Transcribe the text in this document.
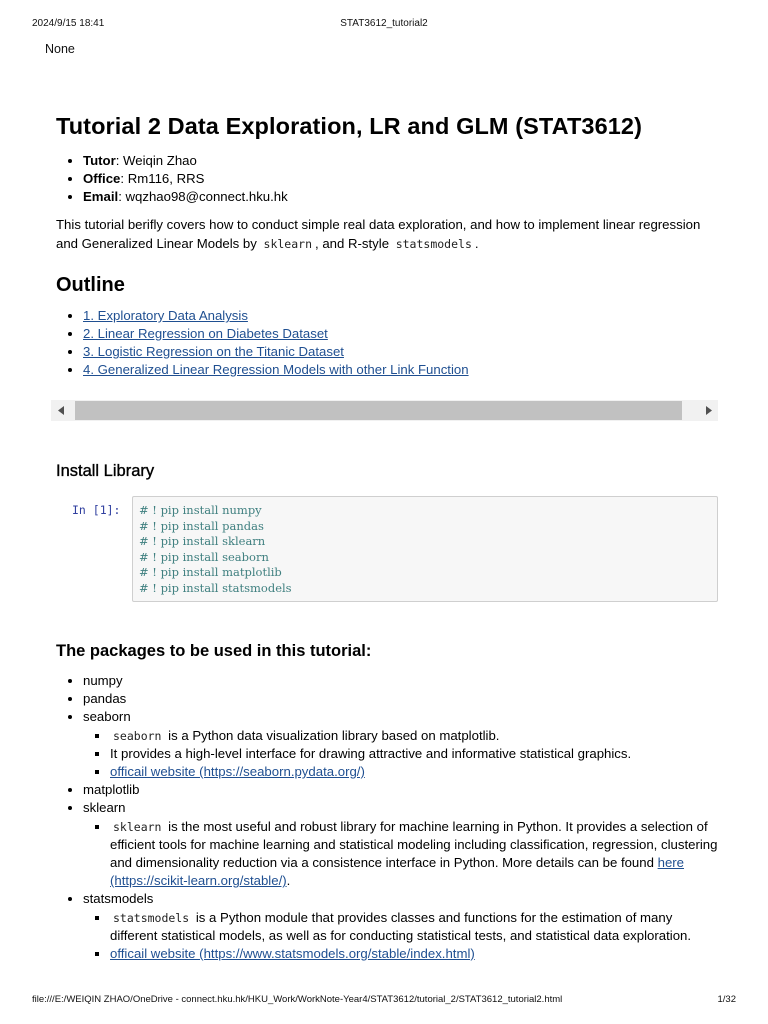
2024/9/15 18:41	STAT3612_tutorial2
None
Tutorial 2 Data Exploration, LR and GLM (STAT3612)
• Tutor: Weiqin Zhao
• Office: Rm116, RRS
• Email: wqzhao98@connect.hku.hk

This tutorial berifly covers how to conduct simple real data exploration, and how to implement linear regression and Generalized Linear Models by sklearn , and R-style statsmodels .

Outline
• 1. Exploratory Data Analysis
• 2. Linear Regression on Diabetes Dataset
• 3. Logistic Regression on the Titanic Dataset
• 4. Generalized Linear Regression Models with other Link Function
Install Library
In [1]: # ! pip install numpy
# ! pip install pandas
# ! pip install sklearn
# ! pip install seaborn
# ! pip install matplotlib
# ! pip install statsmodels
The packages to be used in this tutorial:
• numpy
• pandas
• seaborn
▪ seaborn is a Python data visualization library based on matplotlib.
▪ It provides a high-level interface for drawing attractive and informative statistical graphics.
▪ officail website (https://seaborn.pydata.org/)
• matplotlib
• sklearn
▪ sklearn is the most useful and robust library for machine learning in Python. It provides a selection of efficient tools for machine learning and statistical modeling including classification, regression, clustering and dimensionality reduction via a consistence interface in Python. More details can be found here (https://scikit-learn.org/stable/).
• statsmodels
▪ statsmodels is a Python module that provides classes and functions for the estimation of many different statistical models, as well as for conducting statistical tests, and statistical data exploration.
▪ officail website (https://www.statsmodels.org/stable/index.html)
file:///E:/WEIQIN ZHAO/OneDrive - connect.hku.hk/HKU_Work/WorkNote-Year4/STAT3612/tutorial_2/STAT3612_tutorial2.html	1/32
